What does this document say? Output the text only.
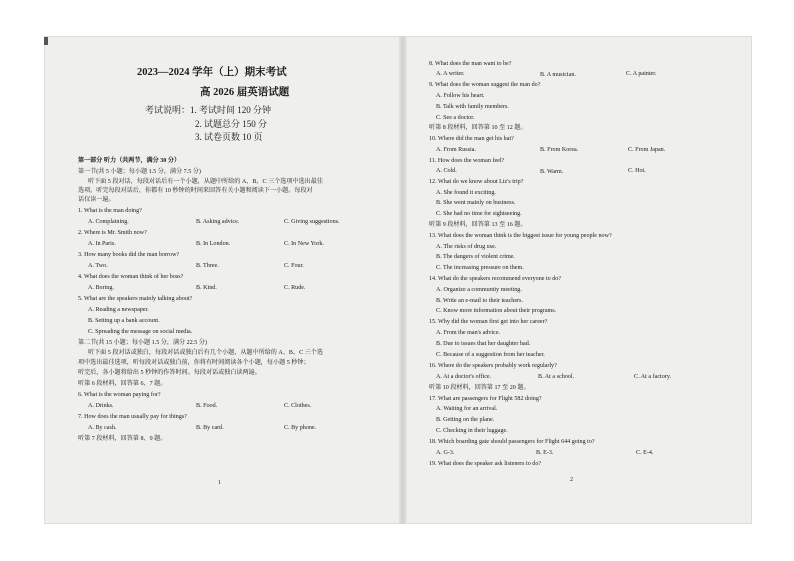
2023—2024 学年（上）期末考试
高 2026 届英语试题
考试说明：1. 考试时间 120 分钟
2. 试题总分 150 分
3. 试卷页数 10 页
第一部分 听力（共两节，满分 30 分）
第一节(共 5 小题；每小题 1.5 分，满分 7.5 分)
听下面 5 段对话，每段对话后有一个小题，从题中所给的 A、B、C 三个选项中选出最佳
选项。听完每段对话后，你都有 10 秒钟的时间来回答有关小题和阅读下一小题。每段对
话仅读一遍。
1. What is the man doing?
A. Complaining.	B. Asking advice.	C. Giving suggestions.
2. Where is Mr. Smith now?
A. In Paris.	B. In London.	C. In New York.
3. How many books did the man borrow?
A. Two.	B. Three.	C. Four.
4. What does the woman think of her boss?
A. Boring.	B. Kind.	C. Rude.
5. What are the speakers mainly talking about?
A. Reading a newspaper.
B. Setting up a bank account.
C. Spreading the message on social media.
第二节(共 15 小题；每小题 1.5 分，满分 22.5 分)
听下面 5 段对话或独白，每段对话或独白后有几个小题，从题中所给的 A、B、C 三个选
项中选出最佳选项，听每段对话或独白前，你将有时间阅读各个小题，每小题 5 秒钟；
听完后，各小题将给出 5 秒钟的作答时间。每段对话或独白读两遍。
听第 6 段材料，回答第 6、7 题。
6. What is the woman paying for?
A. Drinks.	B. Food.	C. Clothes.
7. How does the man usually pay for things?
A. By cash.	B. By card.	C. By phone.
听第 7 段材料，回答第 8、9 题。
1
8. What does the man want to be?
A. A writer.	B. A musician.	C. A painter.
9. What does the woman suggest the man do?
A. Follow his heart.
B. Talk with family members.
C. See a doctor.
听第 8 段材料，回答第 10 至 12 题。
10. Where did the man get his hat?
A. From Russia.	B. From Korea.	C. From Japan.
11. How does the woman feel?
A. Cold.	B. Warm.	C. Hot.
12. What do we know about Liz's trip?
A. She found it exciting.
B. She went mainly on business.
C. She had no time for sightseeing.
听第 9 段材料，回答第 13 至 16 题。
13. What does the woman think is the biggest issue for young people now?
A. The risks of drug use.
B. The dangers of violent crime.
C. The increasing pressure on them.
14. What do the speakers recommend everyone to do?
A. Organize a community meeting.
B. Write an e-mail to their teachers.
C. Know more information about their programs.
15. Why did the woman first get into her career?
A. From the man's advice.
B. Due to issues that her daughter had.
C. Because of a suggestion from her teacher.
16. Where do the speakers probably work regularly?
A. At a doctor's office.	B. At a school.	C. At a factory.
听第 10 段材料，回答第 17 至 20 题。
17. What are passengers for Flight 582 doing?
A. Waiting for an arrival.
B. Getting on the plane.
C. Checking in their luggage.
18. Which boarding gate should passengers for Flight 644 going to?
A. G-3.	B. E-3.	C. E-4.
19. What does the speaker ask listeners to do?
2
